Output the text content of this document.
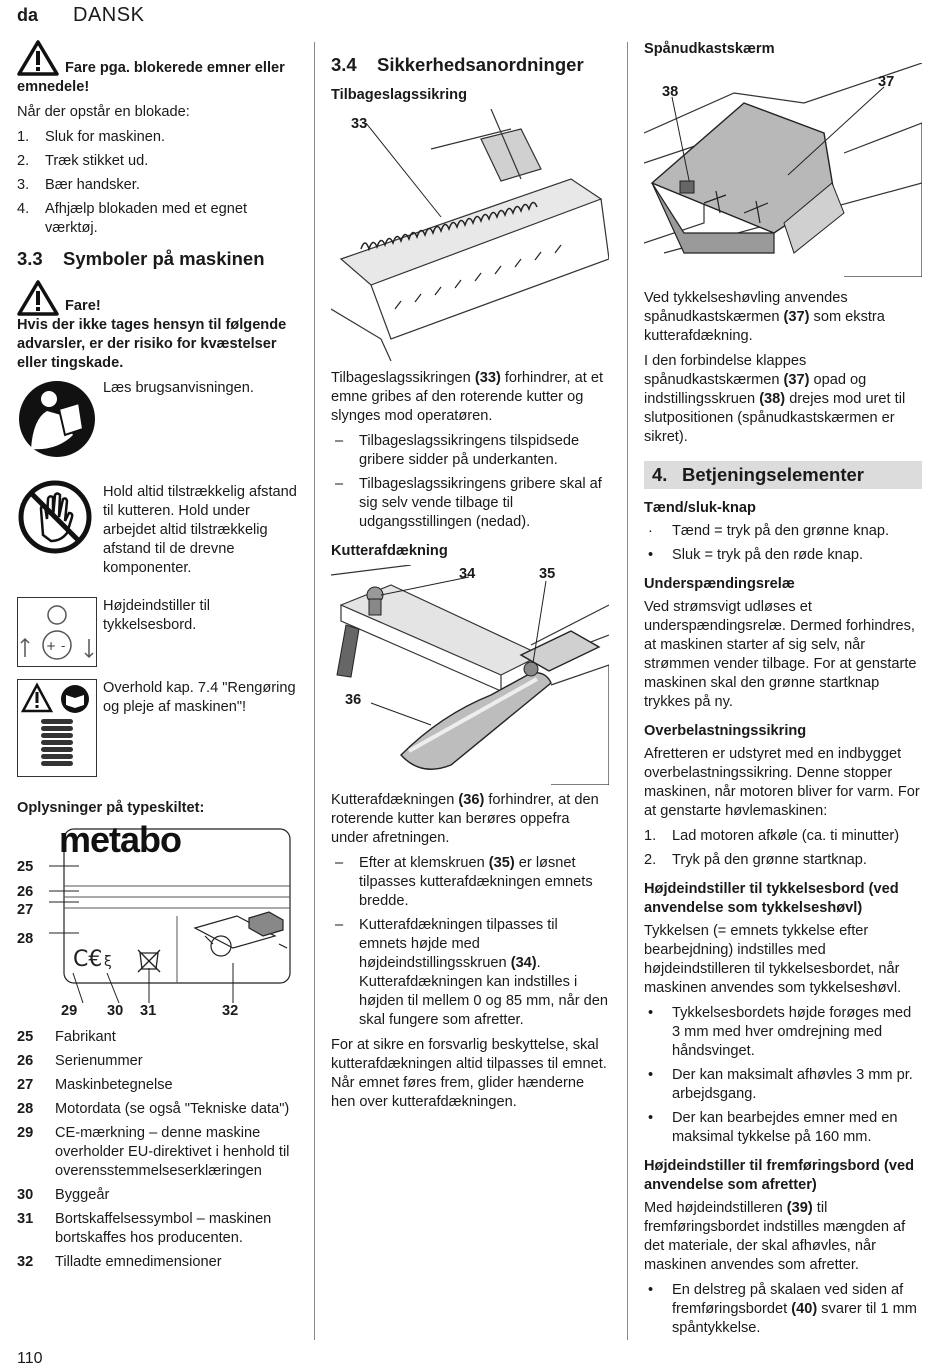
da DANSK

Fare pga. blokerede emner eller emnedele!

Når der opstår en blokade:

1. Sluk for maskinen.
2. Træk stikket ud.
3. Bær handsker.
4. Afhjælp blokaden med et egnet værktøj.
3.3 Symboler på maskinen
Fare!

Hvis der ikke tages hensyn til følgende advarsler, er der risiko for kvæstelser eller tingskade.

Læs brugsanvisningen.
Hold altid tilstrækkelig afstand til kutteren. Hold under arbejdet altid tilstrækkelig afstand til de drevne komponenter.
+ -
Højdeindstiller til tykkelsesbord.
Overhold kap. 7.4 "Rengøring og pleje af maskinen"!
Oplysninger på typeskiltet:
C€ ξ
metabo
25
26
27
28
29 30 31	32
25	Fabrikant
26	Serienummer
27	Maskinbetegnelse
28	Motordata (se også "Tekniske data")
29	CE-mærkning – denne maskine overholder EU-direktivet i henhold til overensstemmelseserklæringen
30	Byggeår
31	Bortskaffelsessymbol – maskinen bortskaffes hos producenten.
32	Tilladte emnedimensioner
3.4 Sikkerhedsanordninger
Tilbageslagssikring
33

Tilbageslagssikringen (33) forhindrer, at et emne gribes af den roterende kutter og slynges mod operatøren.

– Tilbageslagssikringens tilspidsede gribere sidder på underkanten.
– Tilbageslagssikringens gribere skal af sig selv vende tilbage til udgangsstillingen (nedad).
Kutterafdækning
34	35
36

Kutterafdækningen (36) forhindrer, at den roterende kutter kan berøres oppefra under afretningen.

– Efter at klemskruen (35) er løsnet tilpasses kutterafdækningen emnets bredde.
– Kutterafdækningen tilpasses til emnets højde med højdeindstillingsskruen (34). Kutterafdækningen kan indstilles i højden til mellem 0 og 85 mm, når den skal fungere som afretter.

For at sikre en forsvarlig beskyttelse, skal kutterafdækningen altid tilpasses til emnet. Når emnet føres frem, glider hænderne hen over kutterafdækningen.

Spånudkastskærm
38
37

Ved tykkelseshøvling anvendes spånudkastskærmen (37) som ekstra kutterafdækning.

I den forbindelse klappes spånudkastskærmen (37) opad og indstillingsskruen (38) drejes mod uret til slutpositionen (spånudkastskærmen er sikret).

4. Betjeningselementer
Tænd/sluk-knap
· Tænd = tryk på den grønne knap.
• Sluk = tryk på den røde knap.
Underspændingsrelæ

Ved strømsvigt udløses et underspændingsrelæ. Dermed forhindres, at maskinen starter af sig selv, når strømmen vender tilbage. For at genstarte maskinen skal den grønne startknap trykkes på ny.

Overbelastningssikring

Afretteren er udstyret med en indbygget overbelastningssikring. Denne stopper maskinen, når motoren bliver for varm. For at genstarte høvlemaskinen:

1. Lad motoren afkøle (ca. ti minutter)
2. Tryk på den grønne startknap.
Højdeindstiller til tykkelsesbord (ved anvendelse som tykkelseshøvl)

Tykkelsen (= emnets tykkelse efter bearbejdning) indstilles med højdeindstilleren til tykkelsesbordet, når maskinen anvendes som tykkelseshøvl.

• Tykkelsesbordets højde forøges med 3 mm med hver omdrejning med håndsvinget.
• Der kan maksimalt afhøvles 3 mm pr. arbejdsgang.
• Der kan bearbejdes emner med en maksimal tykkelse på 160 mm.
Højdeindstiller til fremføringsbord (ved anvendelse som afretter)

Med højdeindstilleren (39) til fremføringsbordet indstilles mængden af det materiale, der skal afhøvles, når maskinen anvendes som afretter.

• En delstreg på skalaen ved siden af fremføringsbordet (40) svarer til 1 mm spåntykkelse.
110
